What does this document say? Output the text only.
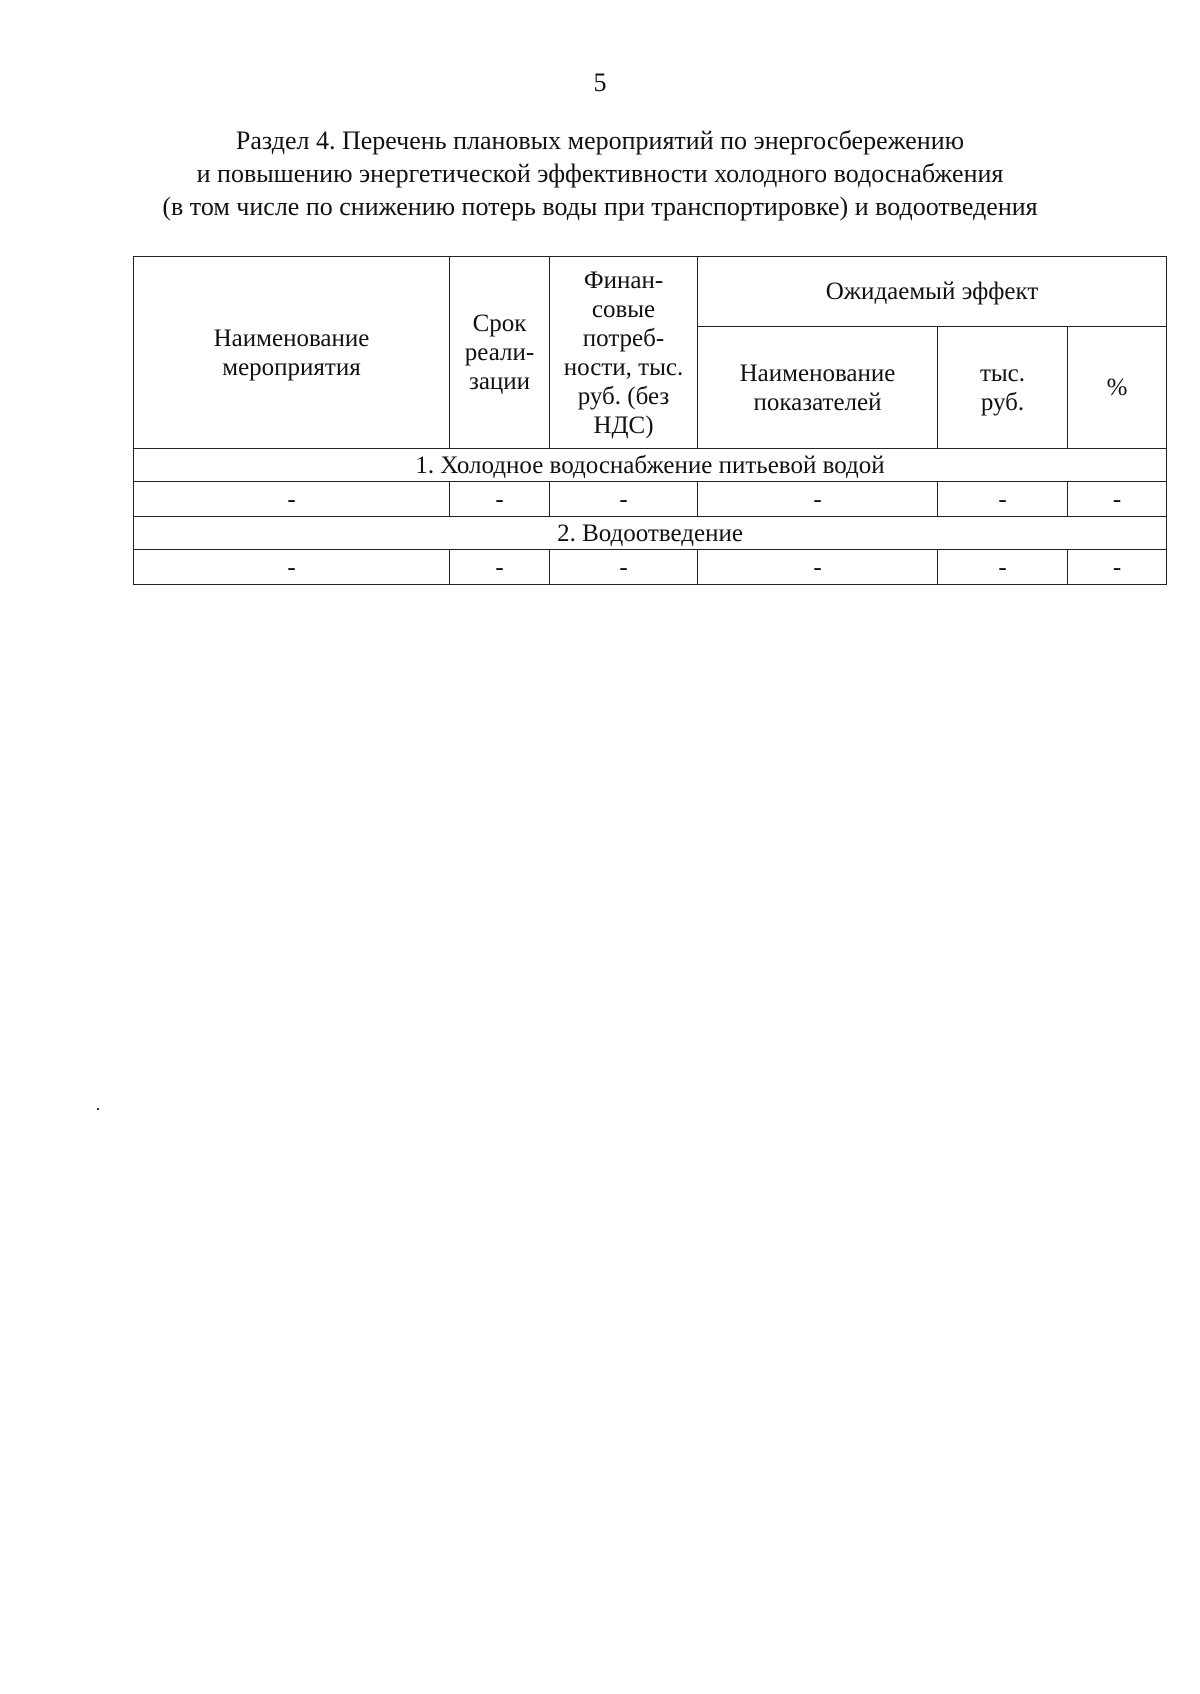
5
Раздел 4. Перечень плановых мероприятий по энергосбережению
и повышению энергетической эффективности холодного водоснабжения
(в том числе по снижению потерь воды при транспортировке) и водоотведения
Наименование мероприятия	Срок реали-зации	Финан-совые потреб-ности, тыс. руб. (без НДС)	Ожидаемый эффект		

			Наименование показателей	тыс. руб.	%
1. Холодное водоснабжение питьевой водой					
-	-	-	-	-	-
2. Водоотведение					
-	-	-	-	-	-
